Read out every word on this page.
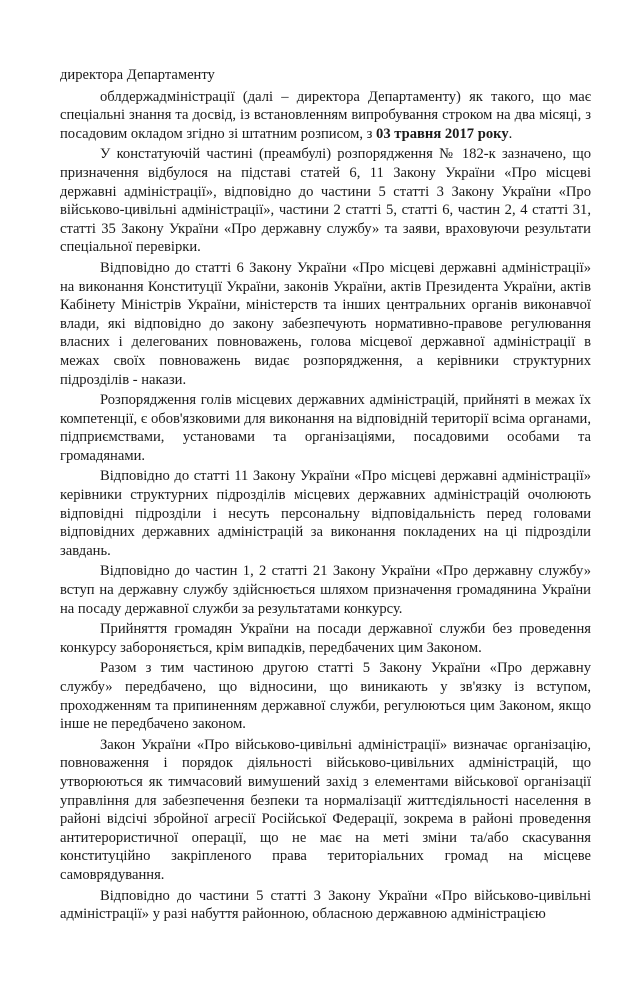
директора Департаменту

облдержадміністрації (далі – директора Департаменту) як такого, що має спеціальні знання та досвід, із встановленням випробування строком на два місяці, з посадовим окладом згідно зі штатним розписом, з 03 травня 2017 року.

У констатуючій частині (преамбулі) розпорядження № 182-к зазначено, що призначення відбулося на підставі статей 6, 11 Закону України «Про місцеві державні адміністрації», відповідно до частини 5 статті 3 Закону України «Про військово-цивільні адміністрації», частини 2 статті 5, статті 6, частин 2, 4 статті 31, статті 35 Закону України «Про державну службу» та заяви, враховуючи результати спеціальної перевірки.

Відповідно до статті 6 Закону України «Про місцеві державні адміністрації» на виконання Конституції України, законів України, актів Президента України, актів Кабінету Міністрів України, міністерств та інших центральних органів виконавчої влади, які відповідно до закону забезпечують нормативно-правове регулювання власних і делегованих повноважень, голова місцевої державної адміністрації в межах своїх повноважень видає розпорядження, а керівники структурних підрозділів - накази.

Розпорядження голів місцевих державних адміністрацій, прийняті в межах їх компетенції, є обов'язковими для виконання на відповідній території всіма органами, підприємствами, установами та організаціями, посадовими особами та громадянами.

Відповідно до статті 11 Закону України «Про місцеві державні адміністрації» керівники структурних підрозділів місцевих державних адміністрацій очолюють відповідні підрозділи і несуть персональну відповідальність перед головами відповідних державних адміністрацій за виконання покладених на ці підрозділи завдань.

Відповідно до частин 1, 2 статті 21 Закону України «Про державну службу» вступ на державну службу здійснюється шляхом призначення громадянина України на посаду державної служби за результатами конкурсу.

Прийняття громадян України на посади державної служби без проведення конкурсу забороняється, крім випадків, передбачених цим Законом.

Разом з тим частиною другою статті 5 Закону України «Про державну службу» передбачено, що відносини, що виникають у зв'язку із вступом, проходженням та припиненням державної служби, регулюються цим Законом, якщо інше не передбачено законом.

Закон України «Про військово-цивільні адміністрації» визначає організацію, повноваження і порядок діяльності військово-цивільних адміністрацій, що утворюються як тимчасовий вимушений захід з елементами військової організації управління для забезпечення безпеки та нормалізації життєдіяльності населення в районі відсічі збройної агресії Російської Федерації, зокрема в районі проведення антитерористичної операції, що не має на меті зміни та/або скасування конституційно закріпленого права територіальних громад на місцеве самоврядування.

Відповідно до частини 5 статті 3 Закону України «Про військово-цивільні адміністрації» у разі набуття районною, обласною державною адміністрацією
